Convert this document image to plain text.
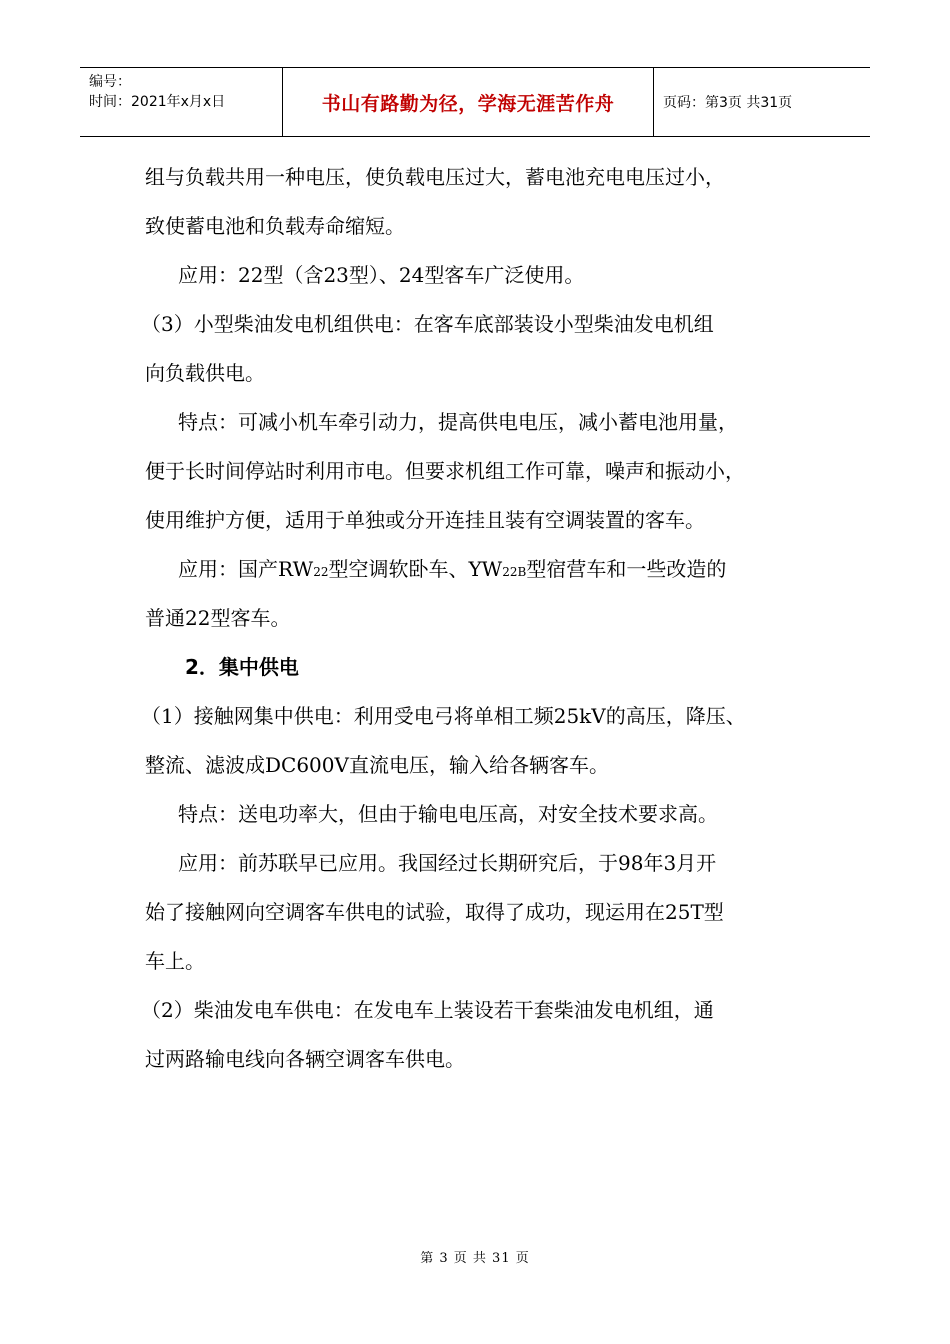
编号：
时间：2021年x月x日	书山有路勤为径，学海无涯苦作舟	页码：第3页 共31页
组与负载共用一种电压，使负载电压过大，蓄电池充电电压过小，
致使蓄电池和负载寿命缩短。
应用：22型（含23型）、24型客车广泛使用。
（3）小型柴油发电机组供电：在客车底部装设小型柴油发电机组
向负载供电。
特点：可减小机车牵引动力，提高供电电压，减小蓄电池用量，
便于长时间停站时利用市电。但要求机组工作可靠，噪声和振动小，
使用维护方便，适用于单独或分开连挂且装有空调装置的客车。
应用：国产RW22型空调软卧车、YW22B型宿营车和一些改造的
普通22型客车。
2．集中供电
（1）接触网集中供电：利用受电弓将单相工频25kV的高压，降压、
整流、滤波成DC600V直流电压，输入给各辆客车。
特点：送电功率大，但由于输电电压高，对安全技术要求高。
应用：前苏联早已应用。我国经过长期研究后，于98年3月开
始了接触网向空调客车供电的试验，取得了成功，现运用在25T型
车上。
（2）柴油发电车供电：在发电车上装设若干套柴油发电机组，通
过两路输电线向各辆空调客车供电。
第 3 页 共 31 页
